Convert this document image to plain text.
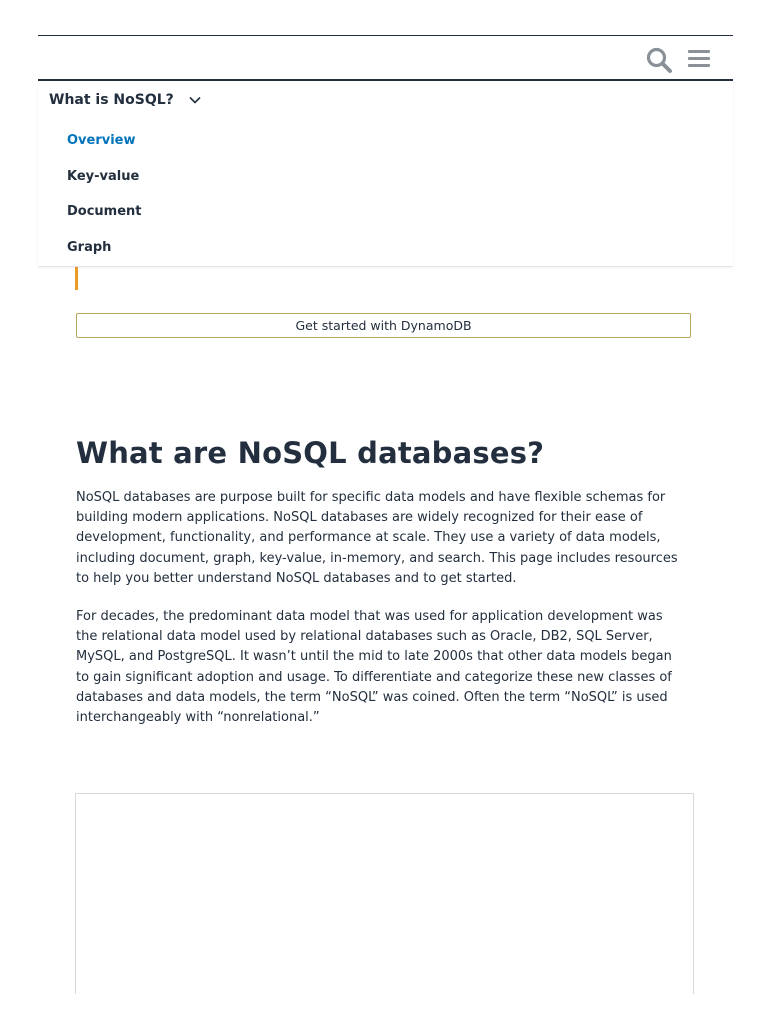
What is NoSQL?
Overview
Key-value
Document
Graph
Get started with DynamoDB
What are NoSQL databases?

NoSQL databases are purpose built for specific data models and have flexible schemas for building modern applications. NoSQL databases are widely recognized for their ease of development, functionality, and performance at scale. They use a variety of data models, including document, graph, key-value, in-memory, and search. This page includes resources to help you better understand NoSQL databases and to get started.

For decades, the predominant data model that was used for application development was the relational data model used by relational databases such as Oracle, DB2, SQL Server, MySQL, and PostgreSQL. It wasn’t until the mid to late 2000s that other data models began to gain significant adoption and usage. To differentiate and categorize these new classes of databases and data models, the term “NoSQL” was coined. Often the term “NoSQL” is used interchangeably with “nonrelational.”
